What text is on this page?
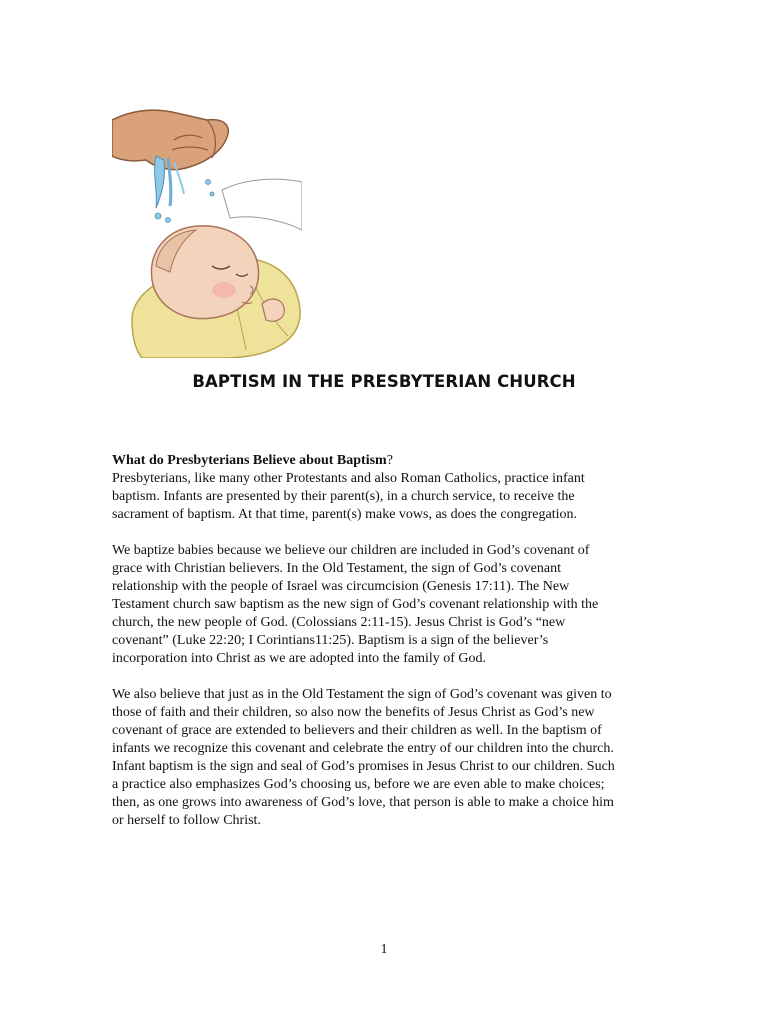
BAPTISM IN THE PRESBYTERIAN CHURCH

What do Presbyterians Believe about Baptism?

Presbyterians, like many other Protestants and also Roman Catholics, practice infant
baptism. Infants are presented by their parent(s), in a church service, to receive the
sacrament of baptism. At that time, parent(s) make vows, as does the congregation.

We baptize babies because we believe our children are included in God’s covenant of
grace with Christian believers. In the Old Testament, the sign of God’s covenant
relationship with the people of Israel was circumcision (Genesis 17:11). The New
Testament church saw baptism as the new sign of God’s covenant relationship with the
church, the new people of God. (Colossians 2:11-15). Jesus Christ is God’s “new
covenant” (Luke 22:20; I Corintians11:25). Baptism is a sign of the believer’s
incorporation into Christ as we are adopted into the family of God.

We also believe that just as in the Old Testament the sign of God’s covenant was given to
those of faith and their children, so also now the benefits of Jesus Christ as God’s new
covenant of grace are extended to believers and their children as well. In the baptism of
infants we recognize this covenant and celebrate the entry of our children into the church.
Infant baptism is the sign and seal of God’s promises in Jesus Christ to our children. Such
a practice also emphasizes God’s choosing us, before we are even able to make choices;
then, as one grows into awareness of God’s love, that person is able to make a choice him
or herself to follow Christ.

1
